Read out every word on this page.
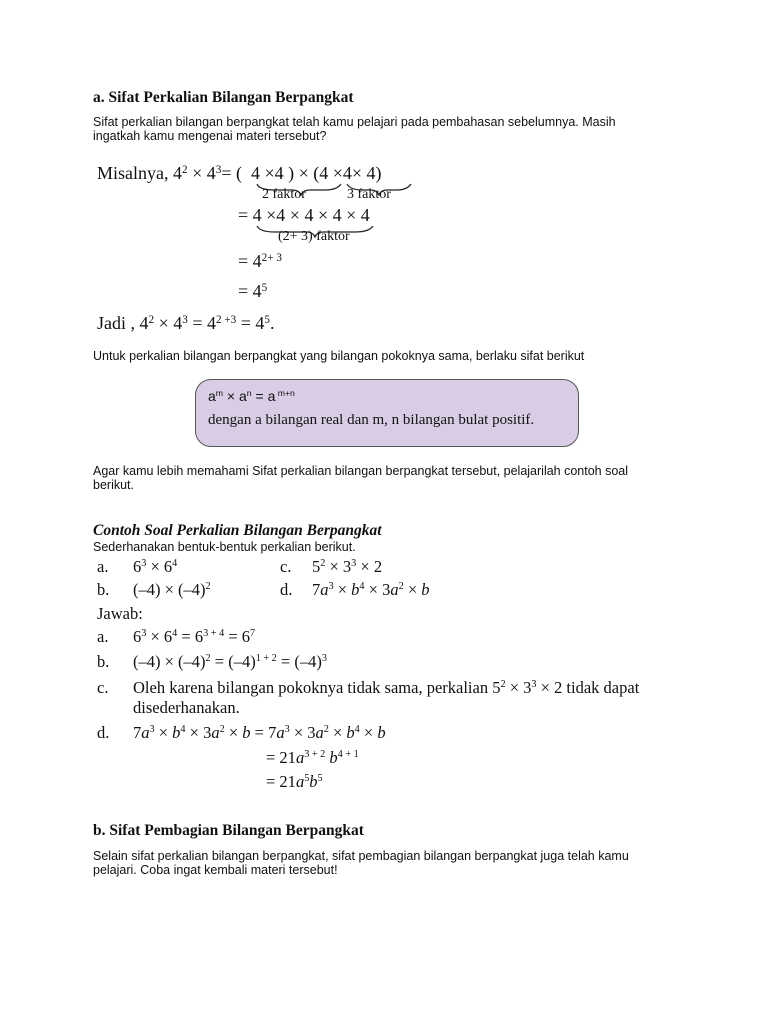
a. Sifat Perkalian Bilangan Berpangkat
Sifat perkalian bilangan berpangkat telah kamu pelajari pada pembahasan sebelumnya. Masih
ingatkah kamu mengenai materi tersebut?
Misalnya, $4^2 \times 4^3=$ (  4 ×4 ) × (4 ×4× 4)
2 faktor	3 faktor
= 4 ×4 × 4 × 4 × 4
(2+ 3) faktor
= $4^{2+ 3}$
= $4^5$
Jadi , $4^2 \times 4^3 = 4^{2 +3} = 4^5$.
Untuk perkalian bilangan berpangkat yang bilangan pokoknya sama, berlaku sifat berikut
$a^m \times a^n = a$ $^{m+n}$
dengan a bilangan real dan m, n bilangan bulat positif.
Agar kamu lebih memahami Sifat perkalian bilangan berpangkat tersebut, pelajarilah contoh soal
berikut.
Contoh Soal Perkalian Bilangan Berpangkat
Sederhanakan bentuk-bentuk perkalian berikut.
a. $6^3 \times 6^4$	c. $5^2 \times 3^3 \times 2$
b. $(-4) \times (-4)^2$	d. $7a^3 \times b^4 \times 3a^2 \times b$
Jawab:
a. $6^3 \times 6^4 = 6^{3 + 4} = 6^7$
b. $(-4) \times (-4)^2 = (-4)^{1 + 2} = (-4)^3$
c. Oleh karena bilangan pokoknya tidak sama, perkalian $5^2 \times 3^3 \times 2$ tidak dapat
disederhanakan.
d. $7a^3 \times b^4 \times 3a^2 \times b = 7a^3 \times 3a^2 \times b^4 \times b$
= $21a^{3 + 2}$ $b^{4 + 1}$
= $21a^5b^5$
b. Sifat Pembagian Bilangan Berpangkat
Selain sifat perkalian bilangan berpangkat, sifat pembagian bilangan berpangkat juga telah kamu
pelajari. Coba ingat kembali materi tersebut!
